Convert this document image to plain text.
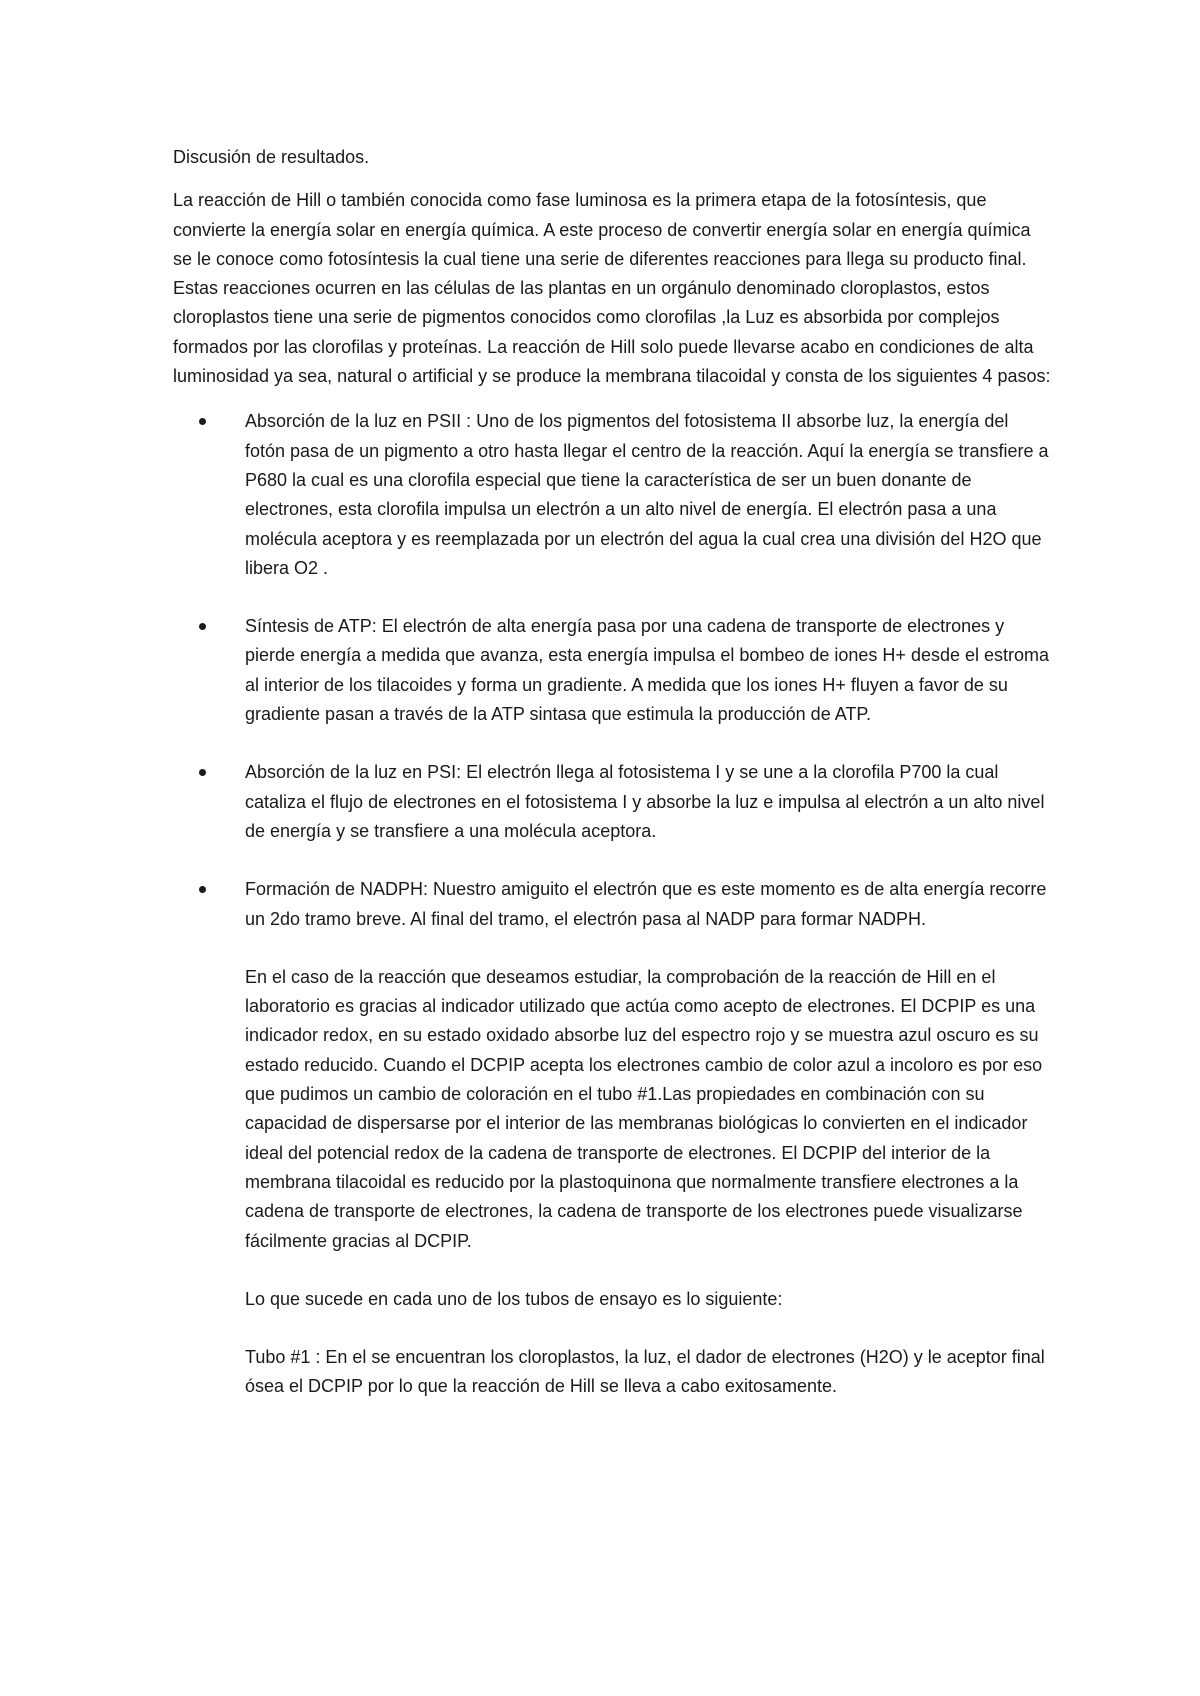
Discusión de resultados.

La reacción de Hill o también conocida como fase luminosa es la primera etapa de la fotosíntesis, que convierte la energía solar en energía química. A este proceso de convertir energía solar en energía química se le conoce como fotosíntesis la cual tiene una serie de diferentes reacciones para llega su producto final. Estas reacciones ocurren en las células de las plantas en un orgánulo denominado cloroplastos, estos cloroplastos tiene una serie de pigmentos conocidos como clorofilas ,la Luz es absorbida por complejos formados por las clorofilas y proteínas. La reacción de Hill solo puede llevarse acabo en condiciones de alta luminosidad ya sea, natural o artificial y se produce la membrana tilacoidal y consta de los siguientes 4 pasos:

Absorción de la luz en PSII : Uno de los pigmentos del fotosistema II absorbe luz, la energía del fotón pasa de un pigmento a otro hasta llegar el centro de la reacción. Aquí la energía se transfiere a P680 la cual es una clorofila especial que tiene la característica de ser un buen donante de electrones, esta clorofila impulsa un electrón a un alto nivel de energía. El electrón pasa a una molécula aceptora y es reemplazada por un electrón del agua la cual crea una división del H2O que libera O2 .
Síntesis de ATP: El electrón de alta energía pasa por una cadena de transporte de electrones y pierde energía a medida que avanza, esta energía impulsa el bombeo de iones H+ desde el estroma al interior de los tilacoides y forma un gradiente. A medida que los iones H+ fluyen a favor de su gradiente pasan a través de la ATP sintasa que estimula la producción de ATP.
Absorción de la luz en PSI: El electrón llega al fotosistema I y se une a la clorofila P700 la cual cataliza el flujo de electrones en el fotosistema I y absorbe la luz e impulsa al electrón a un alto nivel de energía y se transfiere a una molécula aceptora.
Formación de NADPH: Nuestro amiguito el electrón que es este momento es de alta energía recorre un 2do tramo breve. Al final del tramo, el electrón pasa al NADP para formar NADPH.

En el caso de la reacción que deseamos estudiar, la comprobación de la reacción de Hill en el laboratorio es gracias al indicador utilizado que actúa como acepto de electrones. El DCPIP es una indicador redox, en su estado oxidado absorbe luz del espectro rojo y se muestra azul oscuro es su estado reducido. Cuando el DCPIP acepta los electrones cambio de color azul a incoloro es por eso que pudimos un cambio de coloración en el tubo #1.Las propiedades en combinación con su capacidad de dispersarse por el interior de las membranas biológicas lo convierten en el indicador ideal del potencial redox de la cadena de transporte de electrones. El DCPIP del interior de la membrana tilacoidal es reducido por la plastoquinona que normalmente transfiere electrones a la cadena de transporte de electrones, la cadena de transporte de los electrones puede visualizarse fácilmente gracias al DCPIP.

Lo que sucede en cada uno de los tubos de ensayo es lo siguiente:

Tubo #1 : En el se encuentran los cloroplastos, la luz, el dador de electrones (H2O) y le aceptor final ósea el DCPIP por lo que la reacción de Hill se lleva a cabo exitosamente.
